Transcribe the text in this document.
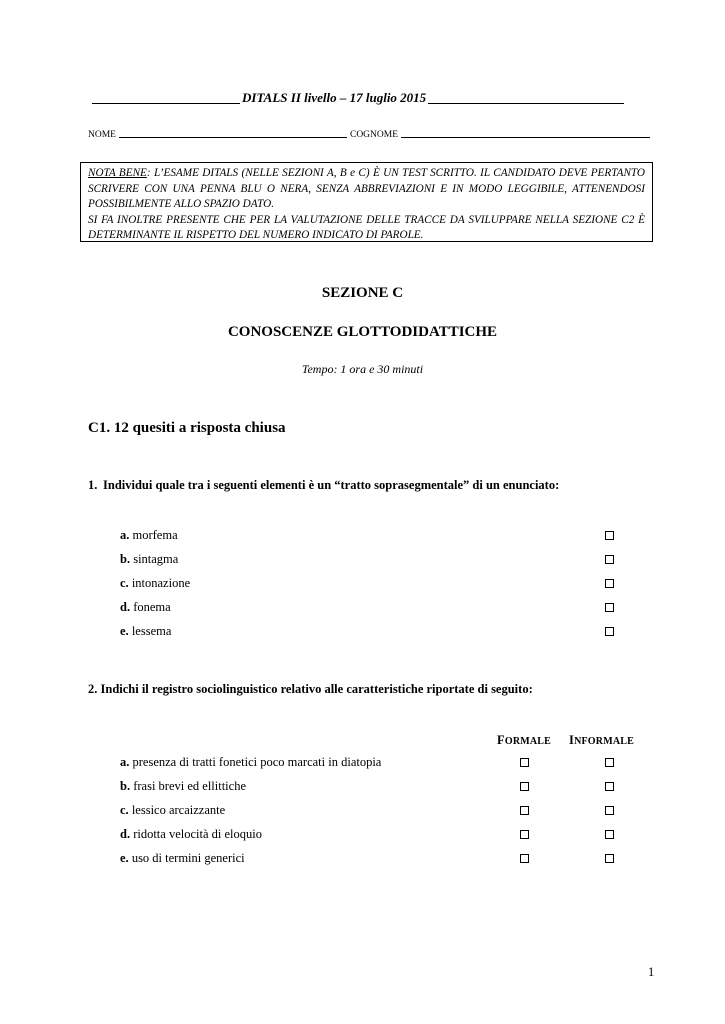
DITALS II livello – 17 luglio 2015
NOME	COGNOME
NOTA BENE: L’ESAME DITALS (NELLE SEZIONI A, B e C) È UN TEST SCRITTO. IL CANDIDATO DEVE PERTANTO SCRIVERE CON UNA PENNA BLU O NERA, SENZA ABBREVIAZIONI E IN MODO LEGGIBILE, ATTENENDOSI POSSIBILMENTE ALLO SPAZIO DATO.
SI FA INOLTRE PRESENTE CHE PER LA VALUTAZIONE DELLE TRACCE DA SVILUPPARE NELLA SEZIONE C2 È DETERMINANTE IL RISPETTO DEL NUMERO INDICATO DI PAROLE.
SEZIONE C
CONOSCENZE GLOTTODIDATTICHE
Tempo: 1 ora e 30 minuti
C1. 12 quesiti a risposta chiusa
1. Individui quale tra i seguenti elementi è un “tratto soprasegmentale” di un enunciato:
a. morfema
b. sintagma
c. intonazione
d. fonema
e. lessema
2. Indichi il registro sociolinguistico relativo alle caratteristiche riportate di seguito:
FORMALE INFORMALE
a. presenza di tratti fonetici poco marcati in diatopia
b. frasi brevi ed ellittiche
c. lessico arcaizzante
d. ridotta velocità di eloquio
e. uso di termini generici
1
